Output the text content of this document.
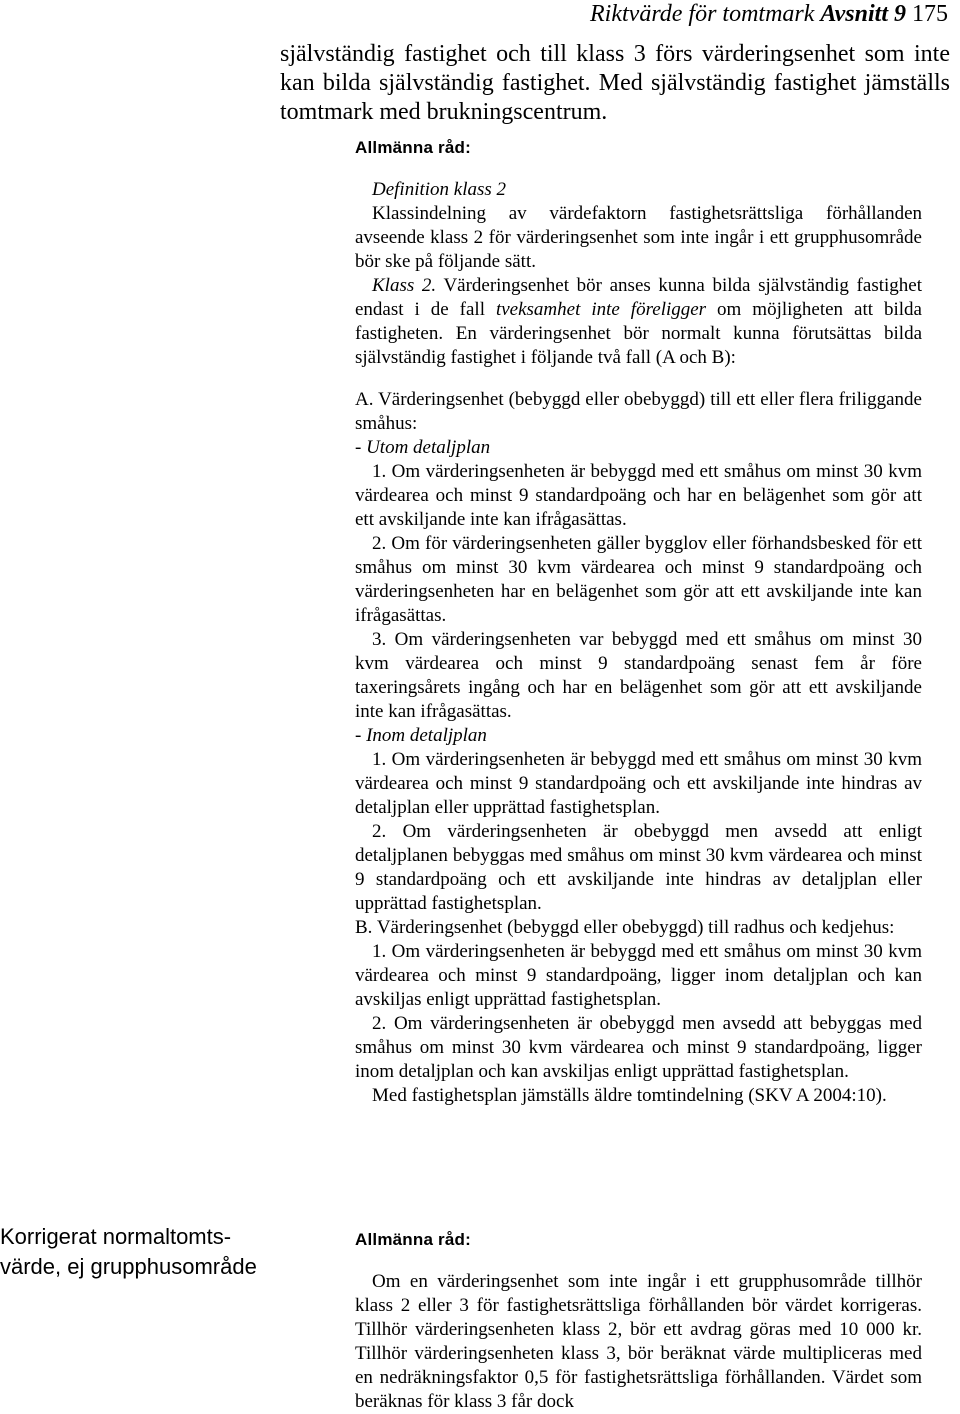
Riktvärde för tomtmark Avsnitt 9 175

självständig fastighet och till klass 3 förs värderingsenhet som inte kan bilda självständig fastighet. Med självständig fastighet jämställs tomtmark med brukningscentrum.

Allmänna råd:

Definition klass 2

Klassindelning av värdefaktorn fastighetsrättsliga förhållanden avseende klass 2 för värderingsenhet som inte ingår i ett grupphusområde bör ske på följande sätt.

Klass 2. Värderingsenhet bör anses kunna bilda självständig fastighet endast i de fall tveksamhet inte föreligger om möjligheten att bilda fastigheten. En värderingsenhet bör normalt kunna förutsättas bilda självständig fastighet i följande två fall (A och B):

A. Värderingsenhet (bebyggd eller obebyggd) till ett eller flera friliggande småhus:

- Utom detaljplan

1. Om värderingsenheten är bebyggd med ett småhus om minst 30 kvm värdearea och minst 9 standardpoäng och har en belägenhet som gör att ett avskiljande inte kan ifrågasättas.

2. Om för värderingsenheten gäller bygglov eller förhandsbesked för ett småhus om minst 30 kvm värdearea och minst 9 standardpoäng och värderingsenheten har en belägenhet som gör att ett avskiljande inte kan ifrågasättas.

3. Om värderingsenheten var bebyggd med ett småhus om minst 30 kvm värdearea och minst 9 standardpoäng senast fem år före taxeringsårets ingång och har en belägenhet som gör att ett avskiljande inte kan ifrågasättas.

- Inom detaljplan

1. Om värderingsenheten är bebyggd med ett småhus om minst 30 kvm värdearea och minst 9 standardpoäng och ett avskiljande inte hindras av detaljplan eller upprättad fastighetsplan.

2. Om värderingsenheten är obebyggd men avsedd att enligt detaljplanen bebyggas med småhus om minst 30 kvm värdearea och minst 9 standardpoäng och ett avskiljande inte hindras av detaljplan eller upprättad fastighetsplan.

B. Värderingsenhet (bebyggd eller obebyggd) till radhus och kedjehus:

1. Om värderingsenheten är bebyggd med ett småhus om minst 30 kvm värdearea och minst 9 standardpoäng, ligger inom detaljplan och kan avskiljas enligt upprättad fastighetsplan.

2. Om värderingsenheten är obebyggd men avsedd att bebyggas med småhus om minst 30 kvm värdearea och minst 9 standardpoäng, ligger inom detaljplan och kan avskiljas enligt upprättad fastighetsplan.

Med fastighetsplan jämställs äldre tomtindelning (SKV A 2004:10).

Korrigerat normaltomts-
värde, ej grupphusområde

Allmänna råd:

Om en värderingsenhet som inte ingår i ett grupphusområde tillhör klass 2 eller 3 för fastighetsrättsliga förhållanden bör värdet korrigeras. Tillhör värderingsenheten klass 2, bör ett avdrag göras med 10 000 kr. Tillhör värderingsenheten klass 3, bör beräknat värde multipliceras med en nedräkningsfaktor 0,5 för fastighetsrättsliga förhållanden. Värdet som beräknas för klass 3 får dock
